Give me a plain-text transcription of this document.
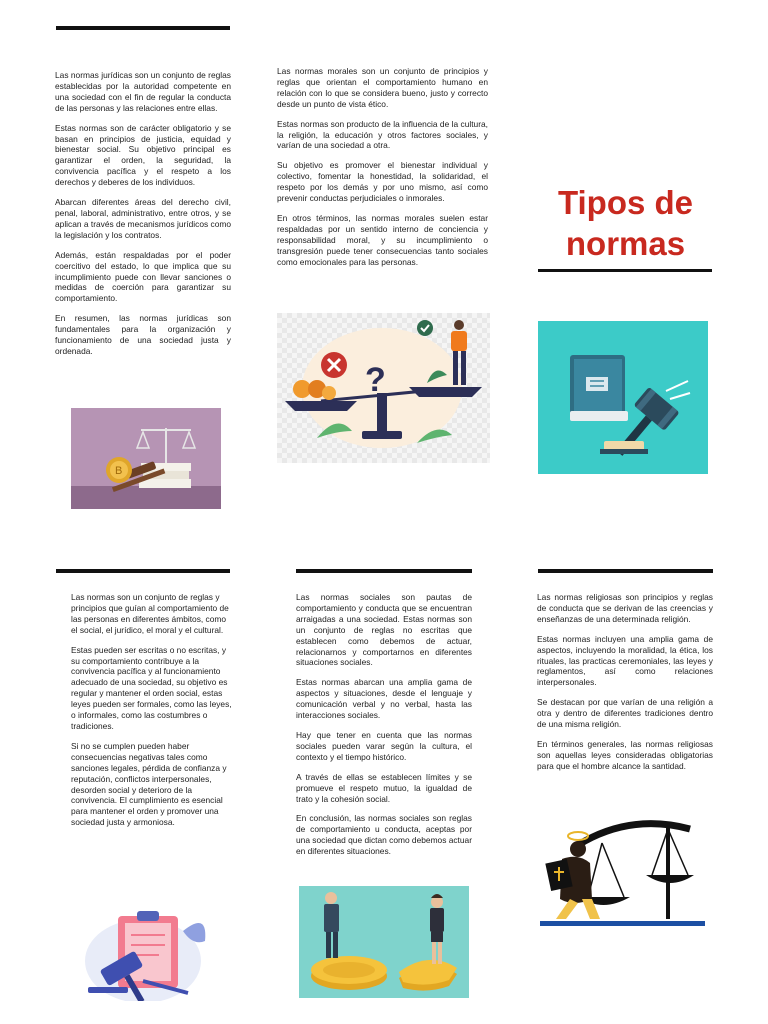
Las normas jurídicas son un conjunto de reglas establecidas por la autoridad competente en una sociedad con el fin de regular la conducta de las personas y las relaciones entre ellas.

Estas normas son de carácter obligatorio y se basan en principios de justicia, equidad y bienestar social. Su objetivo principal es garantizar el orden, la seguridad, la convivencia pacífica y el respeto a los derechos y deberes de los individuos.

Abarcan diferentes áreas del derecho civil, penal, laboral, administrativo, entre otros, y se aplican a través de mecanismos jurídicos como la legislación y los contratos.

Además, están respaldadas por el poder coercitivo del estado, lo que implica que su incumplimiento puede con llevar sanciones o medidas de coerción para garantizar su comportamiento.

En resumen, las normas jurídicas son fundamentales para la organización y funcionamiento de una sociedad justa y ordenada.

B

Las normas morales son un conjunto de principios y reglas que orientan el comportamiento humano en relación con lo que se considera bueno, justo y correcto desde un punto de vista ético.

Estas normas son producto de la influencia de la cultura, la religión, la educación y otros factores sociales, y varían de una sociedad a otra.

Su objetivo es promover el bienestar individual y colectivo, fomentar la honestidad, la solidaridad, el respeto por los demás y por uno mismo, así como prevenir conductas perjudiciales o inmorales.

En otros términos, las normas morales suelen estar respaldadas por un sentido interno de conciencia y responsabilidad moral, y su incumplimiento o transgresión puede tener consecuencias tanto sociales como emocionales para las personas.

?
Tipos de normas

Las normas son un conjunto de reglas y principios que guían al comportamiento de las personas en diferentes ámbitos, como el social, el jurídico, el moral y el cultural.

Estas pueden ser escritas o no escritas, y su comportamiento contribuye a la convivencia pacífica y al funcionamiento adecuado de una sociedad, su objetivo es regular y mantener el orden social, estas leyes pueden ser formales, como las leyes, o informales, como las costumbres o tradiciones.

Si no se cumplen pueden haber consecuencias negativas tales como sanciones legales, pérdida de confianza y reputación, conflictos interpersonales, desorden social y deterioro de la convivencia. El cumplimiento es esencial para mantener el orden y promover una sociedad justa y armoniosa.

Las normas sociales son pautas de comportamiento y conducta que se encuentran arraigadas a una sociedad. Estas normas son un conjunto de reglas no escritas que establecen como debemos de actuar, relacionarnos y comportarnos en diferentes situaciones sociales.

Estas normas abarcan una amplia gama de aspectos y situaciones, desde el lenguaje y comunicación verbal y no verbal, hasta las interacciones sociales.

Hay que tener en cuenta que las normas sociales pueden varar según la cultura, el contexto y el tiempo histórico.

A través de ellas se establecen límites y se promueve el respeto mutuo, la igualdad de trato y la cohesión social.

En conclusión, las normas sociales son reglas de comportamiento u conducta, aceptas por una sociedad que dictan como debemos actuar en diferentes situaciones.

Las normas religiosas son principios y reglas de conducta que se derivan de las creencias y enseñanzas de una determinada religión.

Estas normas incluyen una amplia gama de aspectos, incluyendo la moralidad, la ética, los rituales, las practicas ceremoniales, las leyes y reglamentos, así como relaciones interpersonales.

Se destacan por que varían de una religión a otra y dentro de diferentes tradiciones dentro de una misma religión.

En términos generales, las normas religiosas son aquellas leyes consideradas obligatorias para que el hombre alcance la santidad.
